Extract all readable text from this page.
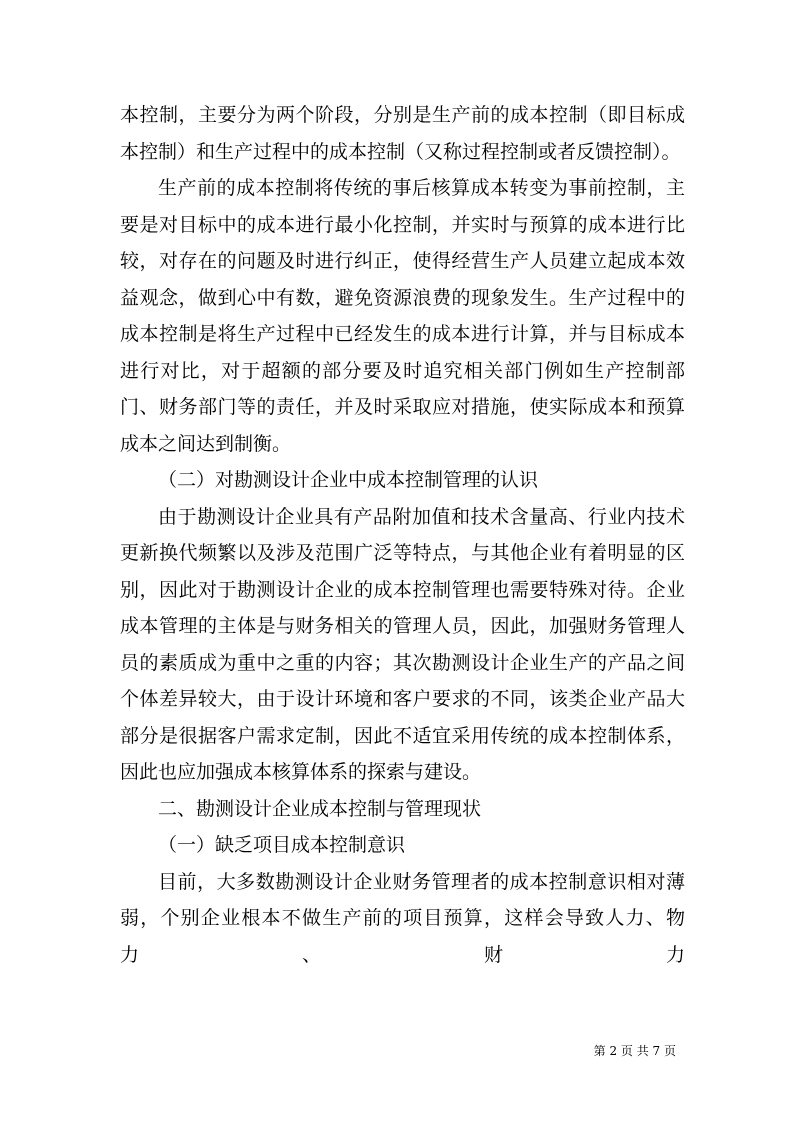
本控制，主要分为两个阶段，分别是生产前的成本控制（即目标成本控制）和生产过程中的成本控制（又称过程控制或者反馈控制）。

生产前的成本控制将传统的事后核算成本转变为事前控制，主要是对目标中的成本进行最小化控制，并实时与预算的成本进行比较，对存在的问题及时进行纠正，使得经营生产人员建立起成本效益观念，做到心中有数，避免资源浪费的现象发生。生产过程中的成本控制是将生产过程中已经发生的成本进行计算，并与目标成本进行对比，对于超额的部分要及时追究相关部门例如生产控制部门、财务部门等的责任，并及时采取应对措施，使实际成本和预算成本之间达到制衡。

（二）对勘测设计企业中成本控制管理的认识

由于勘测设计企业具有产品附加值和技术含量高、行业内技术更新换代频繁以及涉及范围广泛等特点，与其他企业有着明显的区别，因此对于勘测设计企业的成本控制管理也需要特殊对待。企业成本管理的主体是与财务相关的管理人员，因此，加强财务管理人员的素质成为重中之重的内容；其次勘测设计企业生产的产品之间个体差异较大，由于设计环境和客户要求的不同，该类企业产品大部分是很据客户需求定制，因此不适宜采用传统的成本控制体系，因此也应加强成本核算体系的探索与建设。

二、勘测设计企业成本控制与管理现状

（一）缺乏项目成本控制意识

目前，大多数勘测设计企业财务管理者的成本控制意识相对薄弱，个别企业根本不做生产前的项目预算，这样会导致人力、物力、财力

第 2 页 共 7 页
